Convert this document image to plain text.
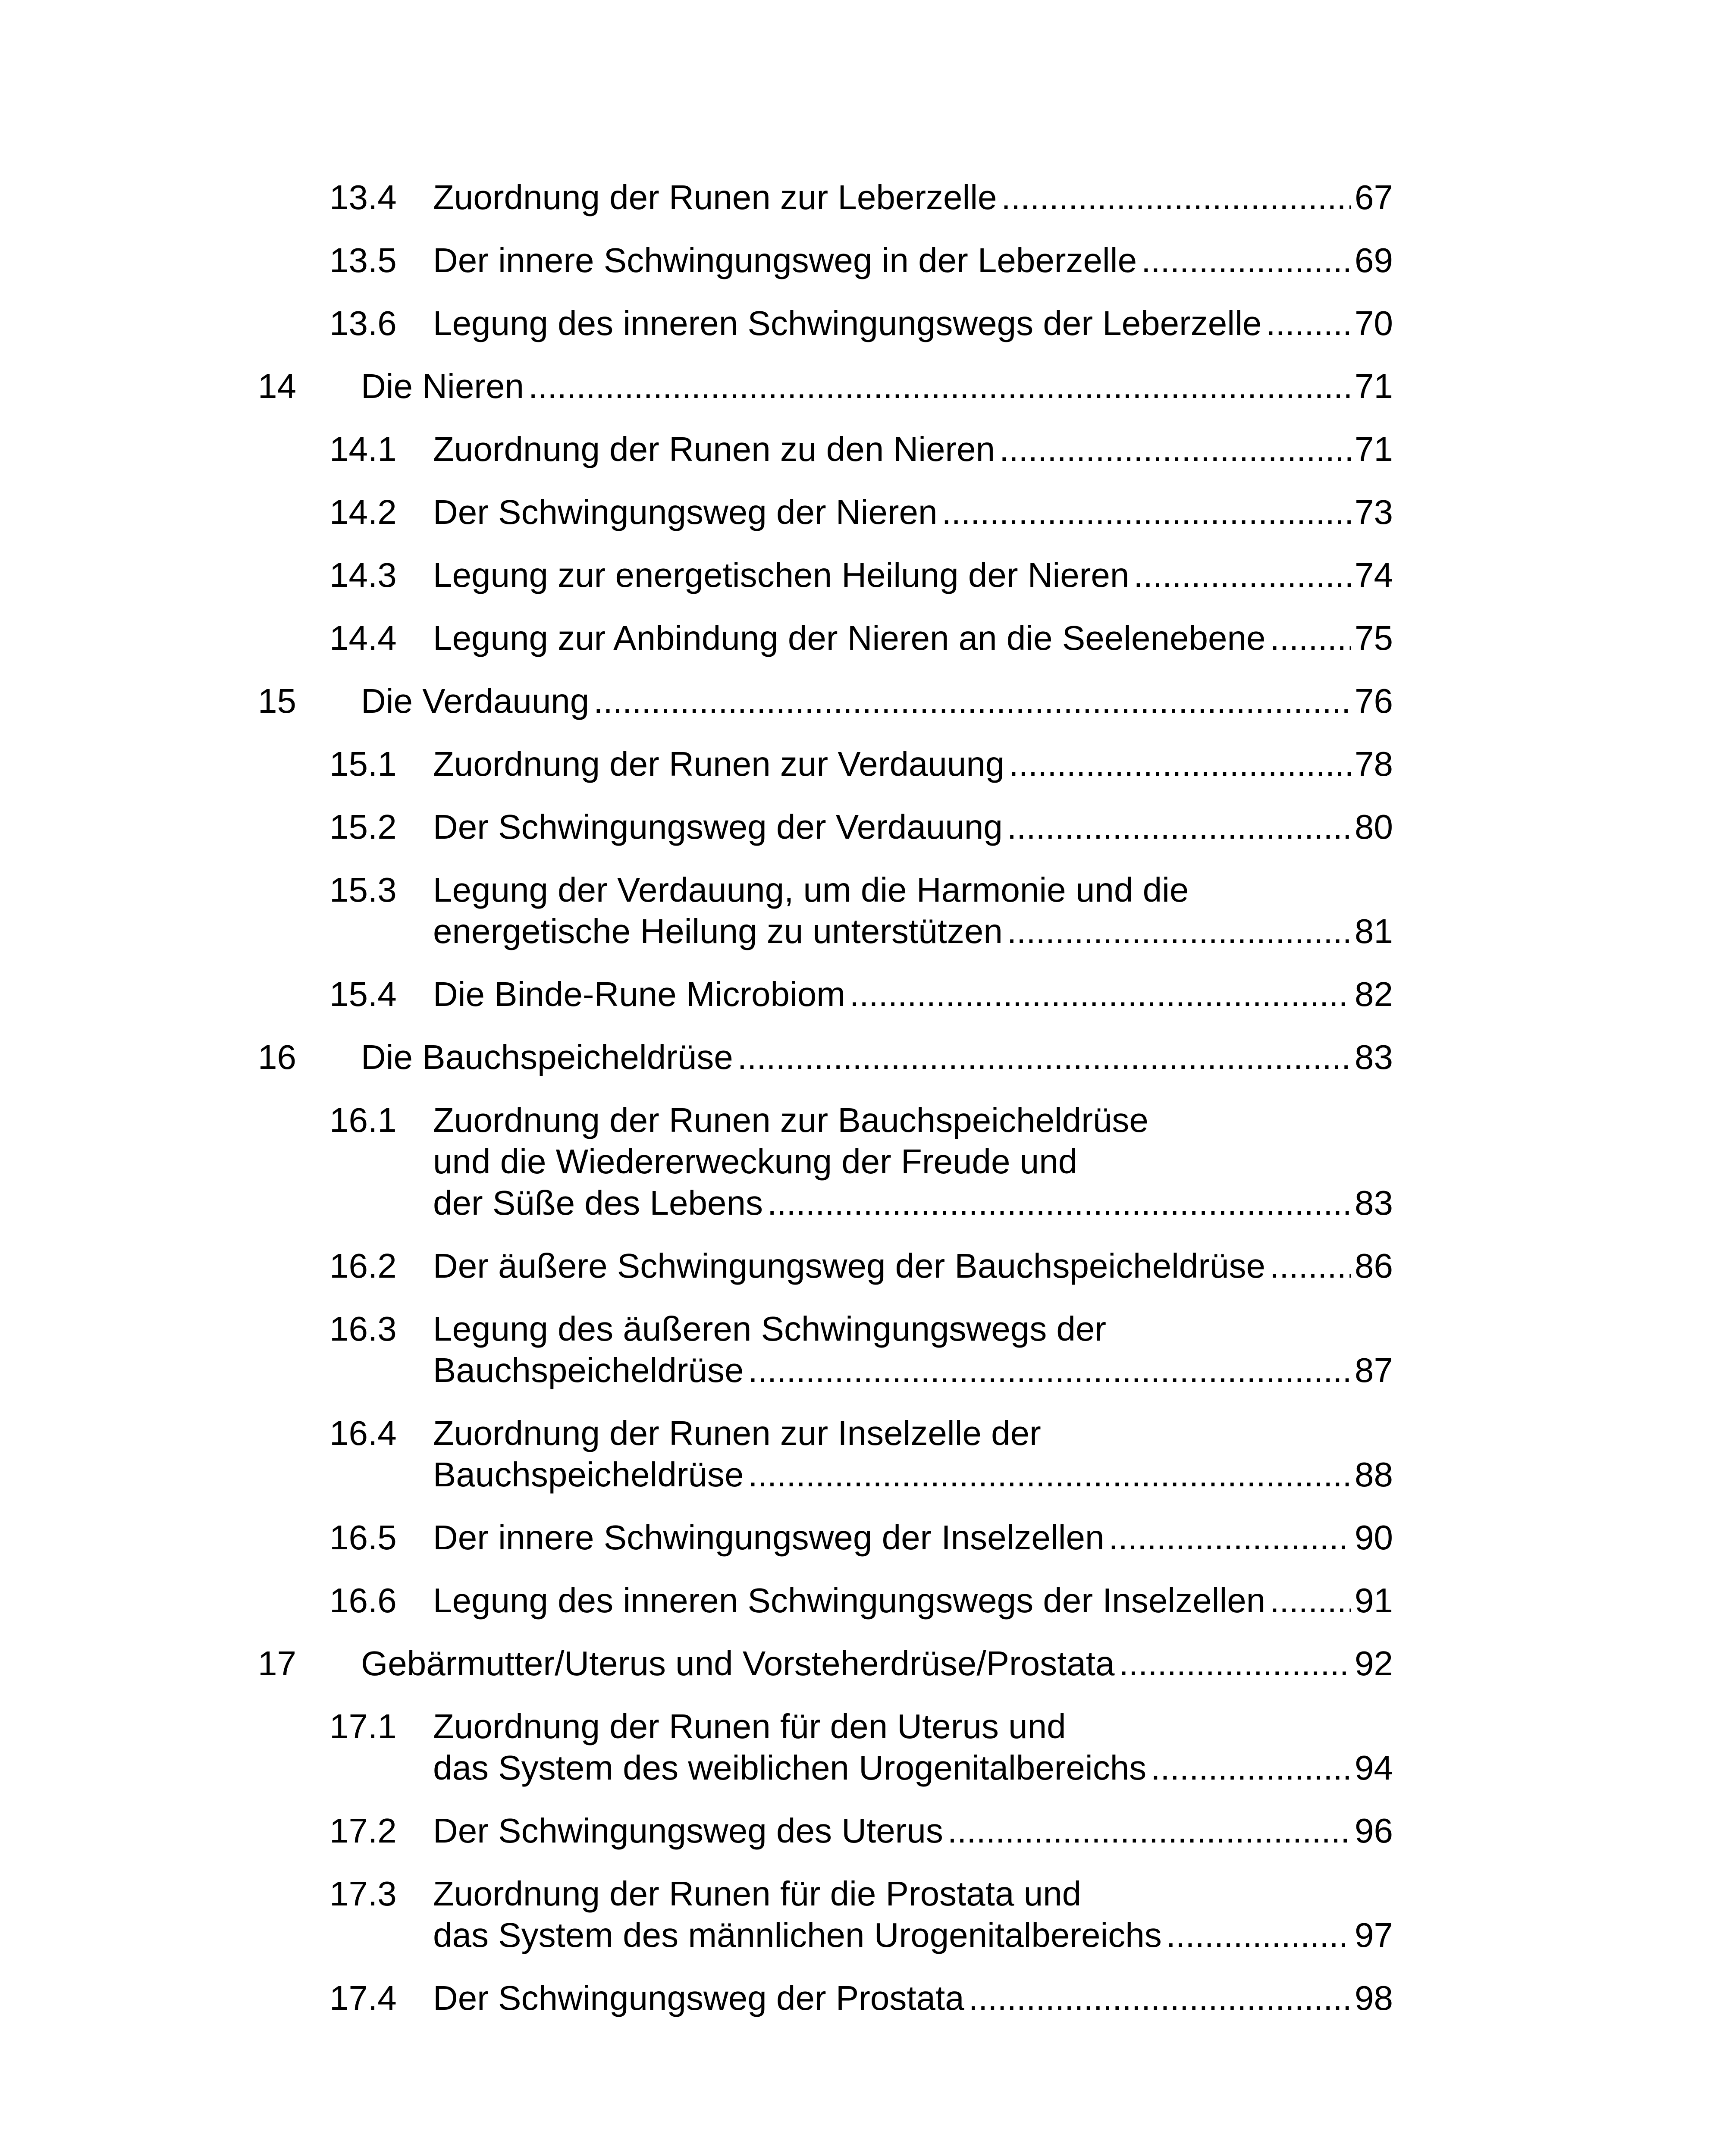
13.4 Zuordnung der Runen zur Leberzelle .....	67
13.5 Der innere Schwingungsweg in der Leberzelle .....	69
13.6 Legung des inneren Schwingungswegs der Leberzelle .....	70
14 Die Nieren .....	71
14.1 Zuordnung der Runen zu den Nieren .....	71
14.2 Der Schwingungsweg der Nieren .....	73
14.3 Legung zur energetischen Heilung der Nieren .....	74
14.4 Legung zur Anbindung der Nieren an die Seelenebene .....	75
15 Die Verdauung .....	76
15.1 Zuordnung der Runen zur Verdauung .....	78
15.2 Der Schwingungsweg der Verdauung .....	80
15.3 Legung der Verdauung, um die Harmonie und die
energetische Heilung zu unterstützen .....	81
15.4 Die Binde-Rune Microbiom .....	82
16 Die Bauchspeicheldrüse .....	83
16.1 Zuordnung der Runen zur Bauchspeicheldrüse
und die Wiedererweckung der Freude und
der Süße des Lebens .....	83
16.2 Der äußere Schwingungsweg der Bauchspeicheldrüse .....	86
16.3 Legung des äußeren Schwingungswegs der
Bauchspeicheldrüse .....	87
16.4 Zuordnung der Runen zur Inselzelle der
Bauchspeicheldrüse .....	88
16.5 Der innere Schwingungsweg der Inselzellen .....	90
16.6 Legung des inneren Schwingungswegs der Inselzellen .....	91
17 Gebärmutter/Uterus und Vorsteherdrüse/Prostata .....	92
17.1 Zuordnung der Runen für den Uterus und
das System des weiblichen Urogenitalbereichs .....	94
17.2 Der Schwingungsweg des Uterus .....	96
17.3 Zuordnung der Runen für die Prostata und
das System des männlichen Urogenitalbereichs .....	97
17.4 Der Schwingungsweg der Prostata .....	98
